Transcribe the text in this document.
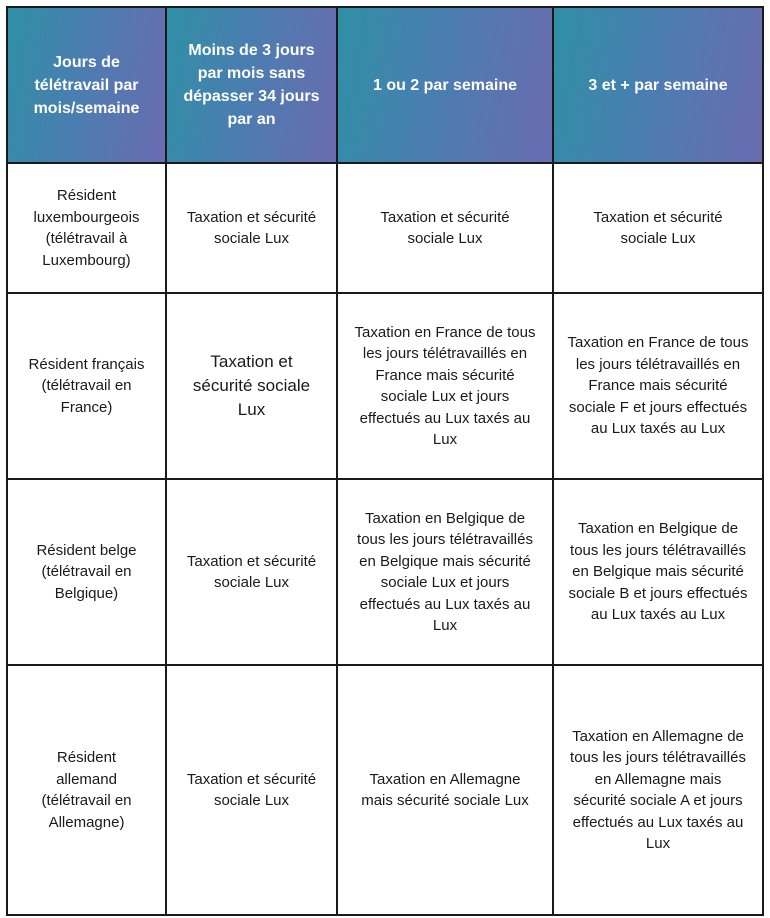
Jours de télétravail par mois/semaine	Moins de 3 jours par mois sans dépasser 34 jours par an	1 ou 2 par semaine	3 et + par semaine
Résident luxembourgeois (télétravail à Luxembourg)	Taxation et sécurité sociale Lux	Taxation et sécurité sociale Lux	Taxation et sécurité sociale Lux
Résident français (télétravail en France)	Taxation et sécurité sociale Lux	Taxation en France de tous les jours télétravaillés en France mais sécurité sociale Lux et jours effectués au Lux taxés au Lux	Taxation en France de tous les jours télétravaillés en France mais sécurité sociale F et jours effectués au Lux taxés au Lux
Résident belge (télétravail en Belgique)	Taxation et sécurité sociale Lux	Taxation en Belgique de tous les jours télétravaillés en Belgique mais sécurité sociale Lux et jours effectués au Lux taxés au Lux	Taxation en Belgique de tous les jours télétravaillés en Belgique mais sécurité sociale B et jours effectués au Lux taxés au Lux
Résident allemand (télétravail en Allemagne)	Taxation et sécurité sociale Lux	Taxation en Allemagne mais sécurité sociale Lux	Taxation en Allemagne de tous les jours télétravaillés en Allemagne mais sécurité sociale A et jours effectués au Lux taxés au Lux
